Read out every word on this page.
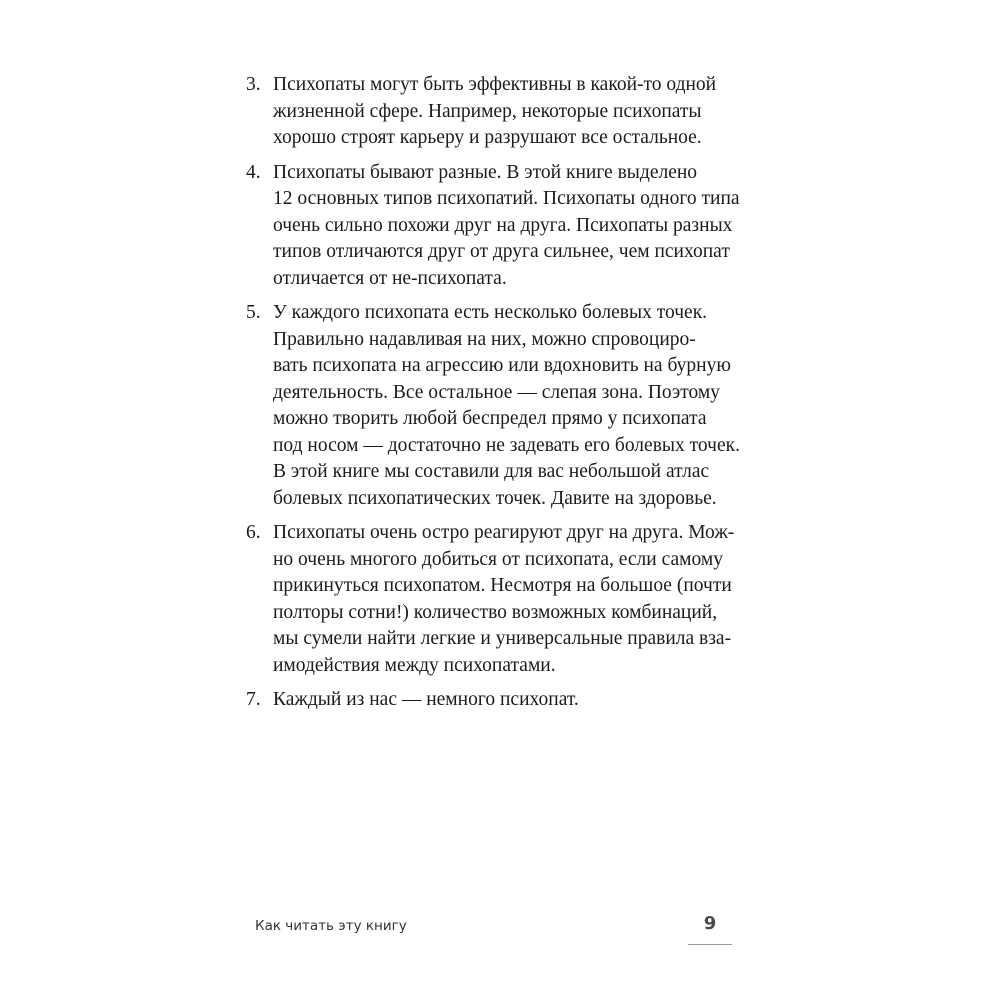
3. Психопаты могут быть эффективны в какой-то одной
жизненной сфере. Например, некоторые психопаты
хорошо строят карьеру и разрушают все остальное.
4. Психопаты бывают разные. В этой книге выделено
12 основных типов психопатий. Психопаты одного типа
очень сильно похожи друг на друга. Психопаты разных
типов отличаются друг от друга сильнее, чем психопат
отличается от не-психопата.
5. У каждого психопата есть несколько болевых точек.
Правильно надавливая на них, можно спровоциро-
вать психопата на агрессию или вдохновить на бурную
деятельность. Все остальное — слепая зона. Поэтому
можно творить любой беспредел прямо у психопата
под носом — достаточно не задевать его болевых точек.
В этой книге мы составили для вас небольшой атлас
болевых психопатических точек. Давите на здоровье.
6. Психопаты очень остро реагируют друг на друга. Мож-
но очень многого добиться от психопата, если самому
прикинуться психопатом. Несмотря на большое (почти
полторы сотни!) количество возможных комбинаций,
мы сумели найти легкие и универсальные правила вза-
имодействия между психопатами.
7. Каждый из нас — немного психопат.
Как читать эту книгу	9
